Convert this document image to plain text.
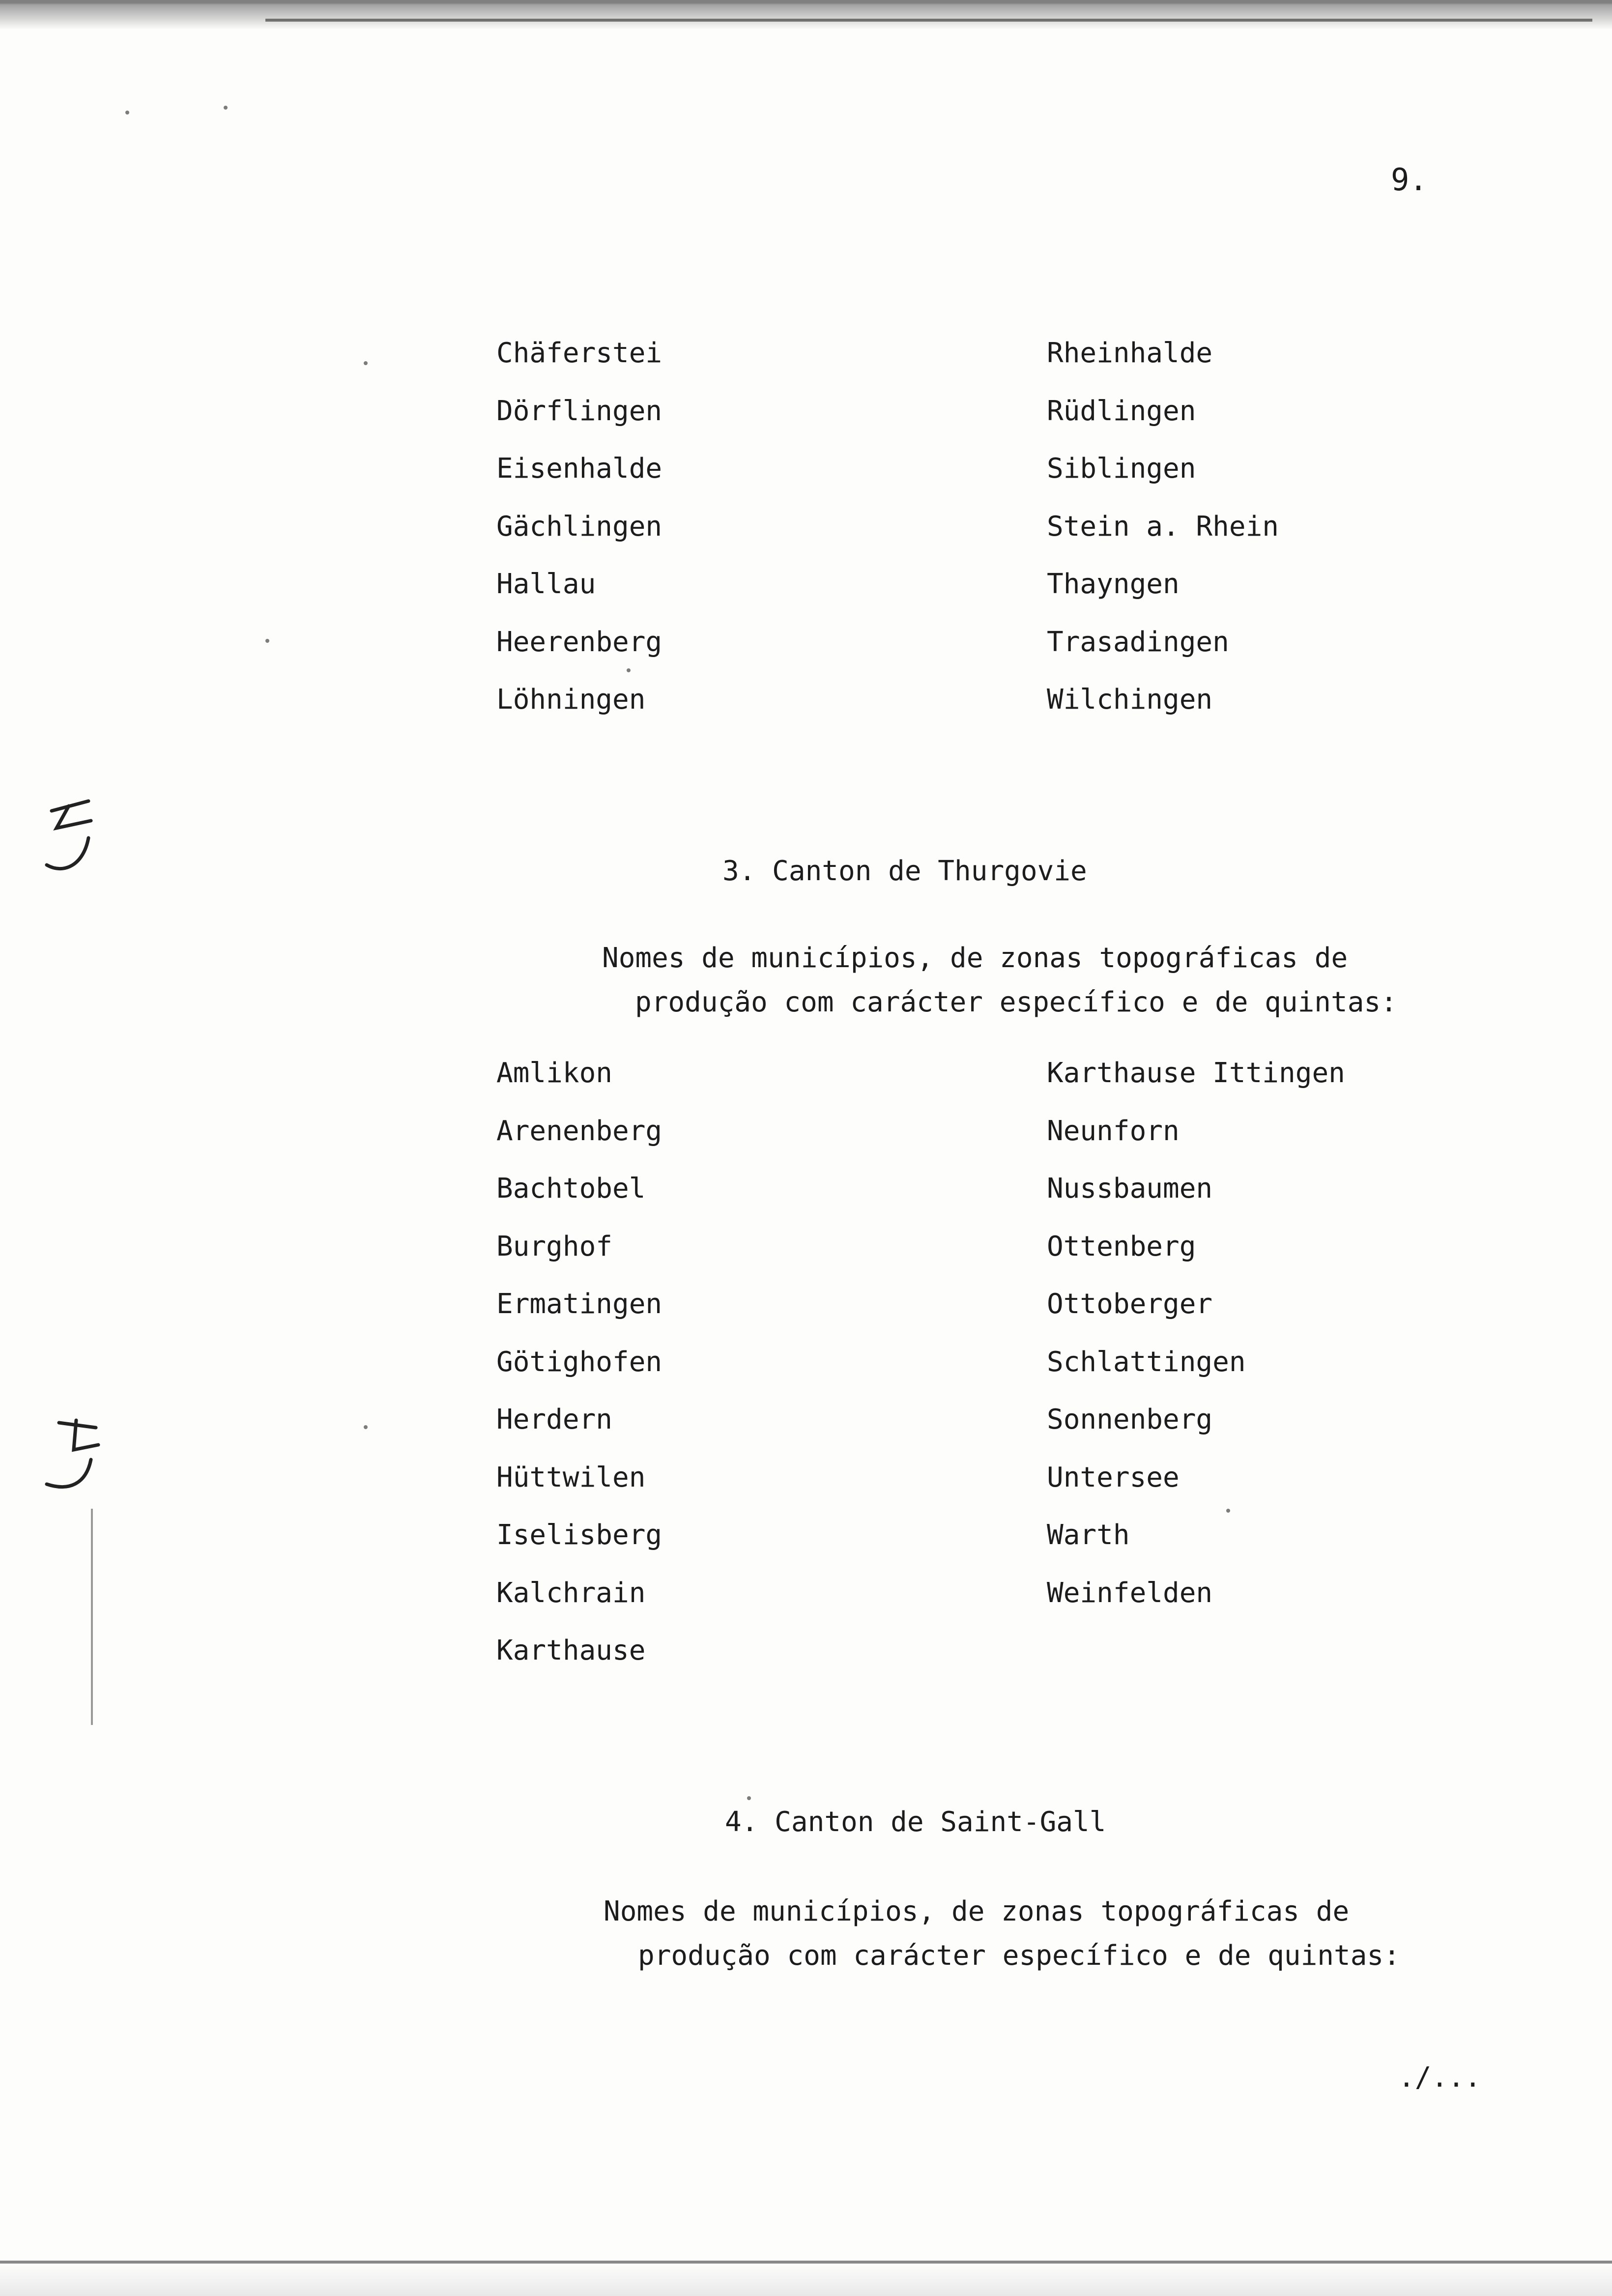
9.
Chäferstei
Dörflingen
Eisenhalde
Gächlingen
Hallau
Heerenberg
Löhningen
Rheinhalde
Rüdlingen
Siblingen
Stein a. Rhein
Thayngen
Trasadingen
Wilchingen
3. Canton de Thurgovie
Nomes de municípios, de zonas topográficas de
produção com carácter específico e de quintas:
Amlikon
Arenenberg
Bachtobel
Burghof
Ermatingen
Götighofen
Herdern
Hüttwilen
Iselisberg
Kalchrain
Karthause
Karthause Ittingen
Neunforn
Nussbaumen
Ottenberg
Ottoberger
Schlattingen
Sonnenberg
Untersee
Warth
Weinfelden
4. Canton de Saint-Gall
Nomes de municípios, de zonas topográficas de
produção com carácter específico e de quintas:
./...
